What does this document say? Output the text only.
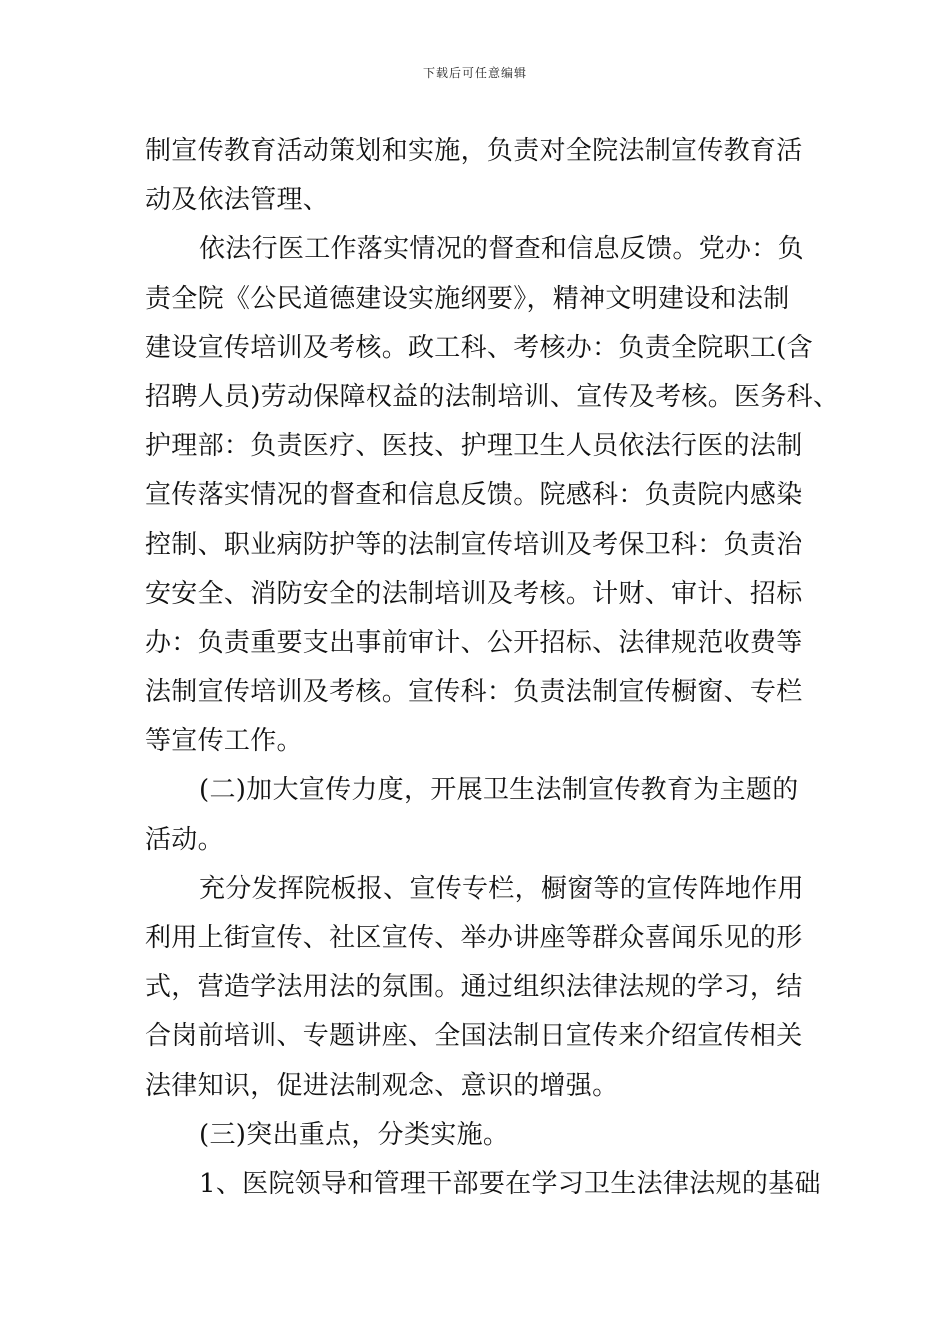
下载后可任意编辑
制宣传教育活动策划和实施，负责对全院法制宣传教育活
动及依法管理、
依法行医工作落实情况的督查和信息反馈。党办：负
责全院《公民道德建设实施纲要》，精神文明建设和法制
建设宣传培训及考核。政工科、考核办：负责全院职工(含
招聘人员)劳动保障权益的法制培训、宣传及考核。医务科、
护理部：负责医疗、医技、护理卫生人员依法行医的法制
宣传落实情况的督查和信息反馈。院感科：负责院内感染
控制、职业病防护等的法制宣传培训及考保卫科：负责治
安安全、消防安全的法制培训及考核。计财、审计、招标
办：负责重要支出事前审计、公开招标、法律规范收费等
法制宣传培训及考核。宣传科：负责法制宣传橱窗、专栏
等宣传工作。
(二)加大宣传力度，开展卫生法制宣传教育为主题的
活动。
充分发挥院板报、宣传专栏，橱窗等的宣传阵地作用
利用上街宣传、社区宣传、举办讲座等群众喜闻乐见的形
式，营造学法用法的氛围。通过组织法律法规的学习，结
合岗前培训、专题讲座、全国法制日宣传来介绍宣传相关
法律知识，促进法制观念、意识的增强。
(三)突出重点，分类实施。
1、医院领导和管理干部要在学习卫生法律法规的基础
